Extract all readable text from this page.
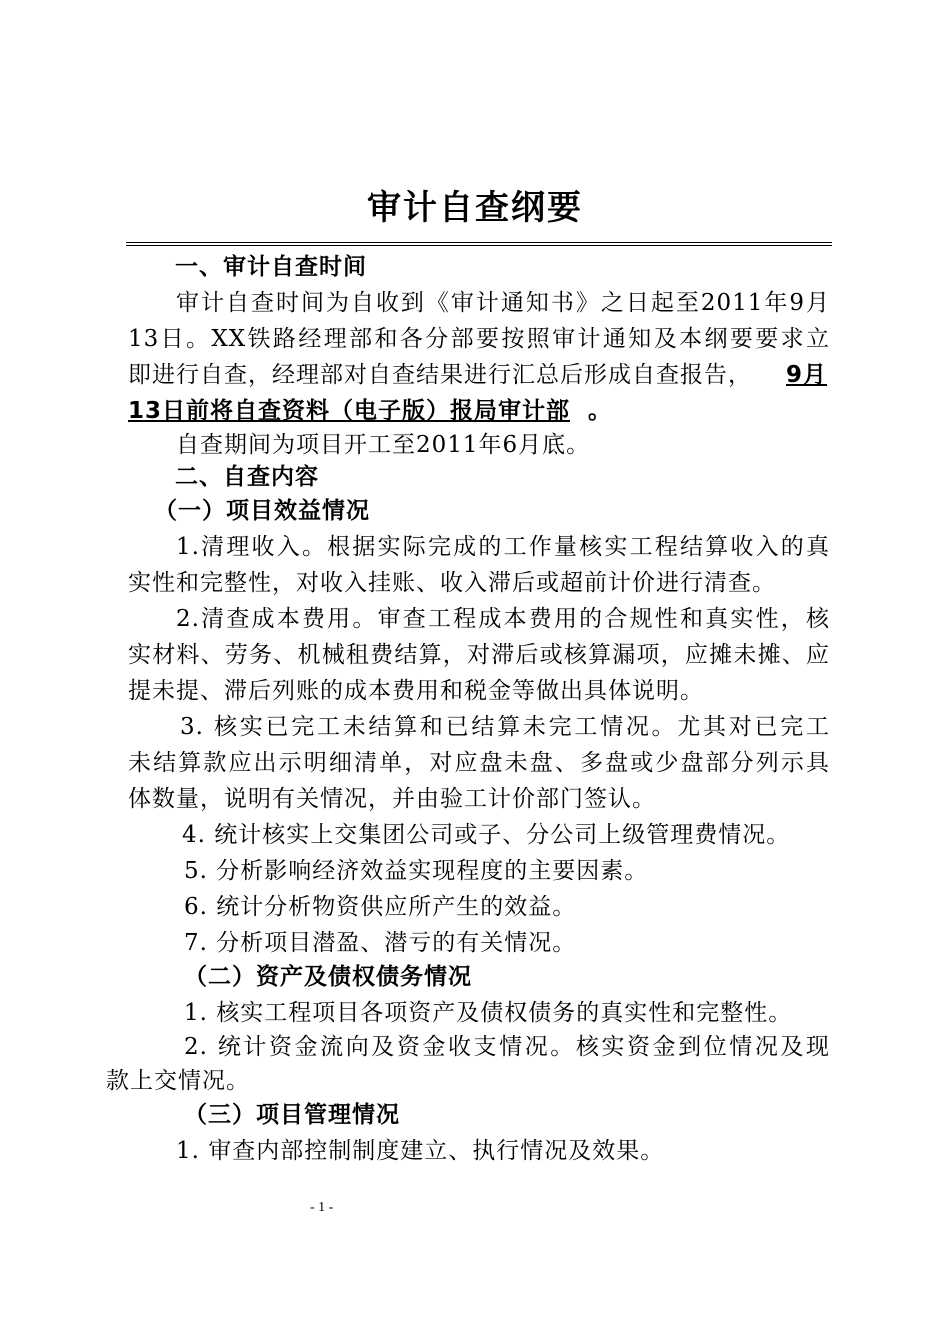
审计自查纲要
一、审计自查时间
审计自查时间为自收到《审计通知书》之日起至2011年9月
13日。XX铁路经理部和各分部要按照审计通知及本纲要要求立
即进行自查，经理部对自查结果进行汇总后形成自查报告，	9月
13日前将自查资料（电子版）报局审计部 。
自查期间为项目开工至2011年6月底。
二、自查内容
（一）项目效益情况
1.清理收入。根据实际完成的工作量核实工程结算收入的真
实性和完整性，对收入挂账、收入滞后或超前计价进行清查。
2.清查成本费用。审查工程成本费用的合规性和真实性，核
实材料、劳务、机械租费结算，对滞后或核算漏项，应摊未摊、应
提未提、滞后列账的成本费用和税金等做出具体说明。
3. 核实已完工未结算和已结算未完工情况。尤其对已完工
未结算款应出示明细清单，对应盘未盘、多盘或少盘部分列示具
体数量，说明有关情况，并由验工计价部门签认。
4. 统计核实上交集团公司或子、分公司上级管理费情况。
5. 分析影响经济效益实现程度的主要因素。
6. 统计分析物资供应所产生的效益。
7. 分析项目潜盈、潜亏的有关情况。
（二）资产及债权债务情况
1. 核实工程项目各项资产及债权债务的真实性和完整性。
2. 统计资金流向及资金收支情况。核实资金到位情况及现
款上交情况。
（三）项目管理情况
1. 审查内部控制制度建立、执行情况及效果。
- 1 -
